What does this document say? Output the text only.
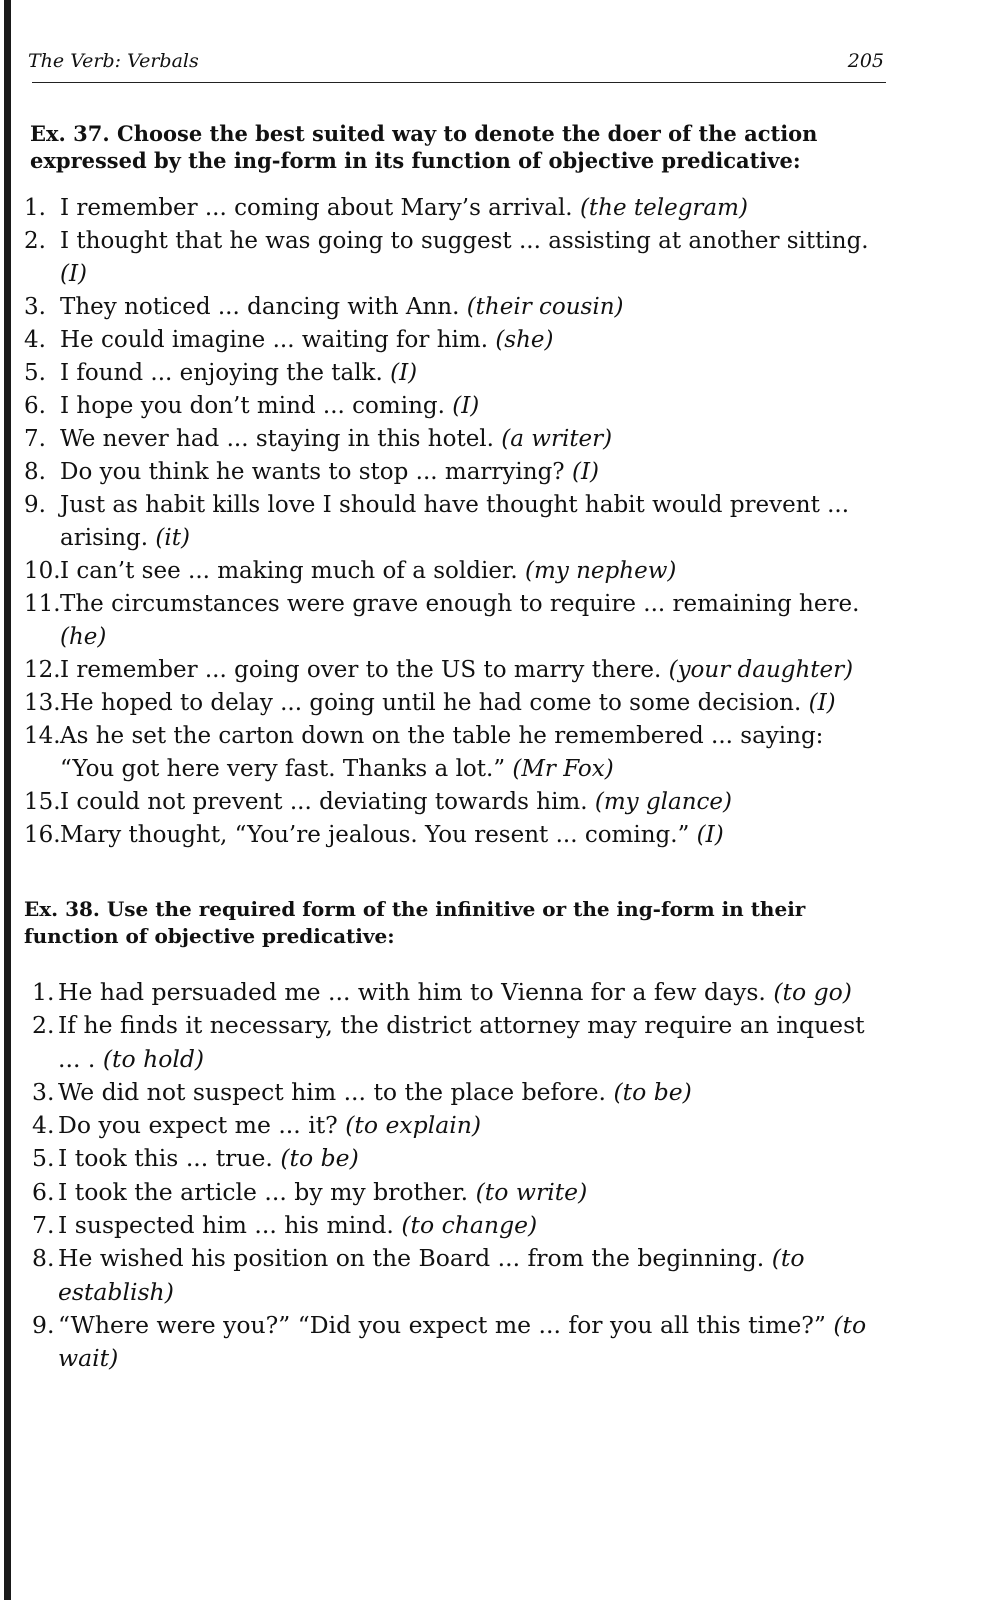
The Verb: Verbals	205

Ex. 37. Choose the best suited way to denote the doer of the action expressed by the ing-form in its function of objective predicative:

1. I remember ... coming about Mary’s arrival. (the telegram)
2. I thought that he was going to suggest ... assisting at another sitting. (I)
3. They noticed ... dancing with Ann. (their cousin)
4. He could imagine ... waiting for him. (she)
5. I found ... enjoying the talk. (I)
6. I hope you don’t mind ... coming. (I)
7. We never had ... staying in this hotel. (a writer)
8. Do you think he wants to stop ... marrying? (I)
9. Just as habit kills love I should have thought habit would prevent ... arising. (it)
10. I can’t see ... making much of a soldier. (my nephew)
11. The circumstances were grave enough to require ... remaining here. (he)
12. I remember ... going over to the US to marry there. (your daughter)
13. He hoped to delay ... going until he had come to some decision. (I)
14. As he set the carton down on the table he remembered ... saying: “You got here very fast. Thanks a lot.” (Mr Fox)
15. I could not prevent ... deviating towards him. (my glance)
16. Mary thought, “You’re jealous. You resent ... coming.” (I)

Ex. 38. Use the required form of the infinitive or the ing-form in their function of objective predicative:

1. He had persuaded me ... with him to Vienna for a few days. (to go)
2. If he finds it necessary, the district attorney may require an inquest ... . (to hold)
3. We did not suspect him ... to the place before. (to be)
4. Do you expect me ... it? (to explain)
5. I took this ... true. (to be)
6. I took the article ... by my brother. (to write)
7. I suspected him ... his mind. (to change)
8. He wished his position on the Board ... from the beginning. (to establish)
9. “Where were you?” “Did you expect me ... for you all this time?” (to wait)
